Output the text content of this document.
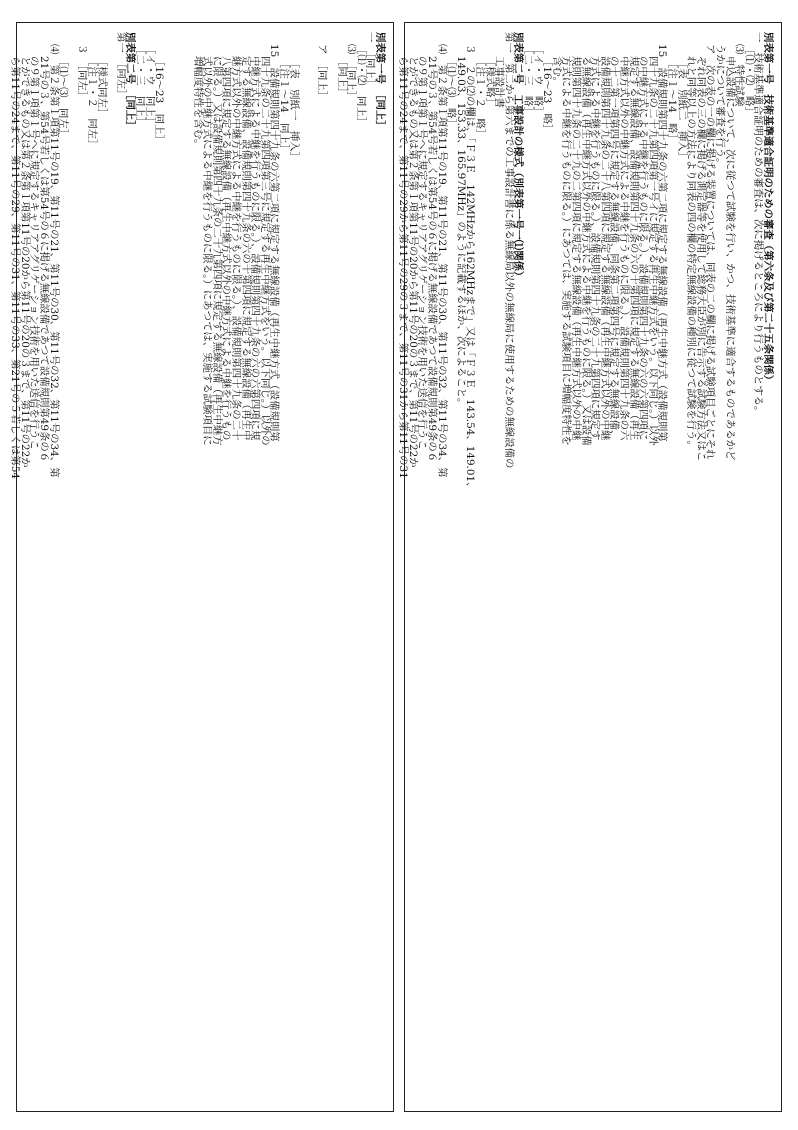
別表第一号　技術基準適合証明のための審査（第六条及び第二十五条関係）
一　技術基準適合証明のための審査は、次に掲げるところにより行うものとする。
［⑴・⑵　略］
⑶　特性試験
申込設備について、次に従つて試験を行い、かつ、技術基準に適合するものであるかど
うかについて審査を行う。
ア　次の表の一の欄に掲げる装置については、同表の二の欄に掲げる試験項目ごとにそれ
ぞれ同表の三の欄に掲げる測定器等を使用して総務大臣が別に告示する試験方法又はこ
れと同等以上の方法により同表の四の欄の特定無線設備の種別に従つて試験を行う。
［表　別紙二　挿入］
［注１～14　略］
15　設備規則第四十九条の六第二項に規定する無線設備（再生中継方式（設備規則第
四十九条の二十九第四項第一号イに規定する再生中継方式をいう。以下同じ。）以外
の中継方式による中継を行うものに限る。）、設備規則第四十九条の六の六第四項に
規定する無線設備、設備規則第四十九条の六の十第四項に規定する無線設備（再生
中継方式以外の中継方式による中継を行うものに限る。）、設備規則第四十九条の六
の十二第一項第四号に規定する無線設備、同条第二項第四号に規定する無線設備、
設備規則第四十九条の二十八第四項に規定する無線設備（再生中継方式以外の中継
方式による中継を行うものに限る。）、設備規則第四十九条の二十九第四項に規定す
る無線設備（再生中継方式以外の中継方式による中継を行うものに限る。）又は設備
規則第四十九条の二十九の二第四項に規定する無線設備（再生中継方式以外の中継
方式による中継を行うものに限る。）にあつては、実施する試験項目に増幅度特性を
含む。
［16～23　略］
［イ・ウ　略］
［二・三　略］
別表第二号　工事設計の様式（別表第一号一⑴関係）
第一　第二から第六までの工事設計書に係る無線局以外の無線局に使用するための無線設備の
工事設計書
［様式略］
［注１・２　略］
３　２の⑵の欄は、「Ｆ３Ｅ　142MHzから162MHzまで」又は「Ｆ３Ｅ　143.54、149.01、
149.03、153.33、165.97MHz」のように記載するほか、次によること。
［⑴～⑶　略］
⑷　第２条第１項第11号の19、第11号の21、第11号の30、第11号の32、第11号の34、第
21号の３、第54号若しくは第54号の６に掲げる無線設備であつて設備規則第49条の６
の９第１項第１号ヘに規定するキャリアアグリゲーション技術を用いた送信を行うこ
とができるもの又は第２条第１項第11号の20から第11号の20の３まで、第11号の22か
ら第11号の24まで、第11号の29から第11号の29の３まで、第11号の31から第11号の31
別表第一号　［同上］
一　［同上］
［⑴・⑵　同上］
⑶　［同上］
［同上］
ア　［同上］
［表　別紙一　挿入］
［注１～14　同上］
15　設備規則第四十九条の六第二項に規定する無線設備（再生中継方式（設備規則第
四十九条の二十九第四項第三号に規定する再生中継方式をいう。以下同じ。）以外の
中継方式による中継を行うものに限る。）、設備規則第四十九条の六の六第四項に規
定する無線設備、設備規則第四十九条の六の十第四項に規定する無線設備（再生中
継方式以外の中継方式による中継を行うものに限る。）、設備規則第四十九条の二十
八第四項に規定する無線設備（再生中継方式以外の中継方式による中継を行うもの
に限る。）又は設備規則第四十九条の二十九第四項に規定する無線設備（再生中継方
式以外の中継方式による中継を行うものに限る。）にあつては、実施する試験項目に
増幅度特性を含む。
［16～23　同上］
［イ・ウ　同上］
［二・三　同上］
別表第二号　［同上］
第一　［同左］
［様式同左］
［注１・２　同左］
３　［同左］
［⑴～⑶　同左］
⑷　第２条第１項第11号の19、第11号の21、第11号の30、第11号の32、第11号の34、第
21号の３、第54号若しくは第54号の６に掲げる無線設備であつて設備規則第49条の６
の９第１項第１号ヘに規定するキャリアアグリゲーション技術を用いた送信を行うこ
とができるもの又は第２条第１項第11号の20から第11号の20の３まで、第11号の22か
ら第11号の24まで、第11号の29、第11号の31、第11号の33、第21号の５若しくは第54
